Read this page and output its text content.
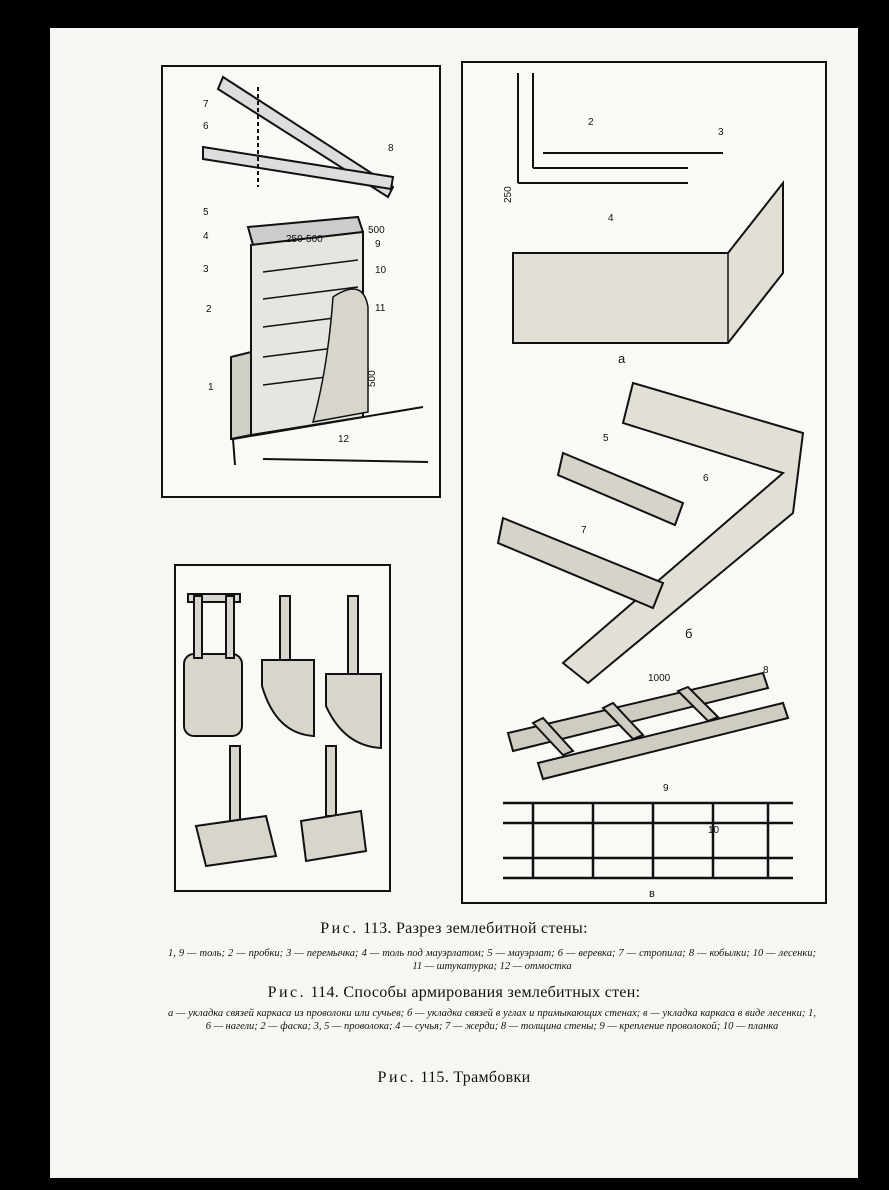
7
6
8
5
4
3
2
1
9
10
11
12
250-500
500
500
2
3
4
250
а
5
6
7
б
1000
8
9
10
в
Рис. 113. Разрез землебитной стены:
1, 9 — толь; 2 — пробки; 3 — перемычка; 4 — толь под мауэрлатом; 5 — мауэрлат; 6 — веревка; 7 — стропила; 8 — кобылки; 10 — лесенки; 11 — штукатурка; 12 — отмостка
Рис. 114. Способы армирования землебитных стен:
а — укладка связей каркаса из проволоки или сучьев; б — укладка связей в углах и примыкающих стенах; в — укладка каркаса в виде лесенки; 1, 6 — нагели; 2 — фаска; 3, 5 — проволока; 4 — сучья; 7 — жерди; 8 — толщина стены; 9 — крепление проволокой; 10 — планка
Рис. 115. Трамбовки
